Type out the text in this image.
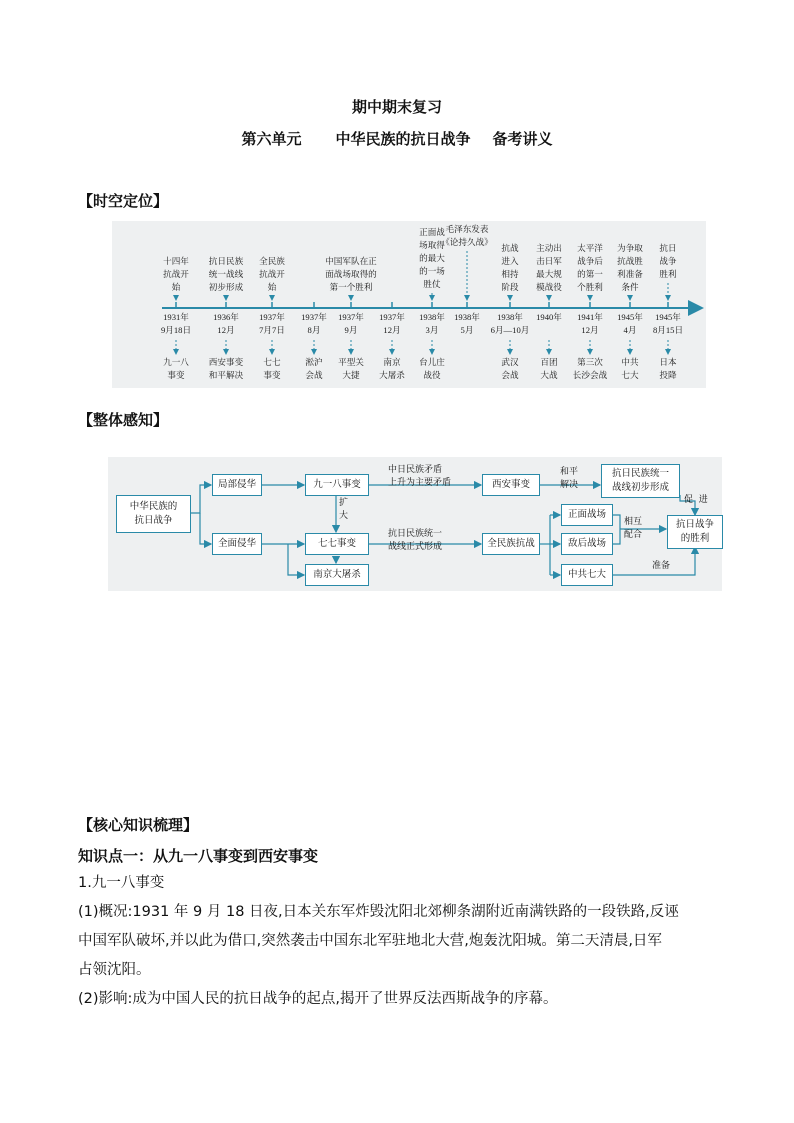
期中期末复习
第六单元 中华民族的抗日战争 备考讲义
【时空定位】
十四年
抗战开
始
抗日民族
统一战线
初步形成
全民族
抗战开
始
中国军队在正
面战场取得的
第一个胜利
正面战
场取得
的最大
的一场
胜仗
毛泽东发表
《论持久战》
抗战
进入
相持
阶段
主动出
击日军
最大规
模战役
太平洋
战争后
的第一
个胜利
为争取
抗战胜
利准备
条件
抗日
战争
胜利
1931年
9月18日
1936年
12月
1937年
7月7日
1937年
8月
1937年
9月
1937年
12月
1938年
3月
1938年
5月
1938年
6月—10月
1940年	1941年
12月
1945年
4月
1945年
8月15日
九一八
事变
西安事变
和平解决
七七
事变
淞沪
会战
平型关
大捷
南京
大屠杀
台儿庄
战役
武汉
会战
百团
大战
第三次
长沙会战
中共
七大
日本
投降
【整体感知】
中华民族的
抗日战争
局部侵华
全面侵华
九一八事变
七七事变
南京大屠杀
西安事变
抗日民族统一
战线初步形成
全民族抗战
正面战场
敌后战场
中共七大
抗日战争
的胜利
中日民族矛盾
上升为主要矛盾
扩
大
抗日民族统一
战线正式形成
和平
解决
促  进
相互
配合
准备
【核心知识梳理】
知识点一：从九一八事变到西安事变
1.九一八事变
(1)概况:1931 年 9 月 18 日夜,日本关东军炸毁沈阳北郊柳条湖附近南满铁路的一段铁路,反诬
中国军队破坏,并以此为借口,突然袭击中国东北军驻地北大营,炮轰沈阳城。第二天清晨,日军
占领沈阳。
(2)影响:成为中国人民的抗日战争的起点,揭开了世界反法西斯战争的序幕。
